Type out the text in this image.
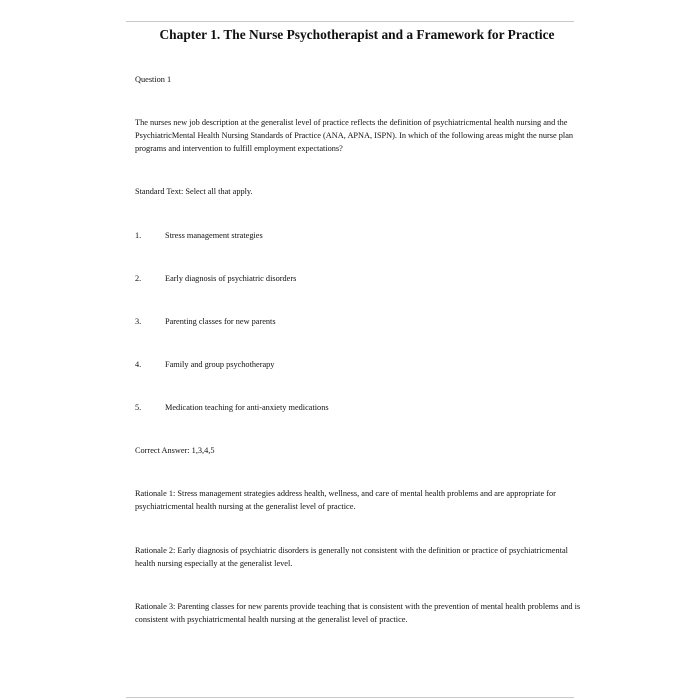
Chapter 1. The Nurse Psychotherapist and a Framework for Practice
Question 1
The nurses new job description at the generalist level of practice reflects the definition of psychiatricmental health nursing and the PsychiatricMental Health Nursing Standards of Practice (ANA, APNA, ISPN). In which of the following areas might the nurse plan programs and intervention to fulfill employment expectations?
Standard Text: Select all that apply.
1.	Stress management strategies
2.	Early diagnosis of psychiatric disorders
3.	Parenting classes for new parents
4.	Family and group psychotherapy
5.	Medication teaching for anti-anxiety medications
Correct Answer: 1,3,4,5
Rationale 1: Stress management strategies address health, wellness, and care of mental health problems and are appropriate for psychiatricmental health nursing at the generalist level of practice.
Rationale 2: Early diagnosis of psychiatric disorders is generally not consistent with the definition or practice of psychiatricmental health nursing especially at the generalist level.
Rationale 3: Parenting classes for new parents provide teaching that is consistent with the prevention of mental health problems and is consistent with psychiatricmental health nursing at the generalist level of practice.
